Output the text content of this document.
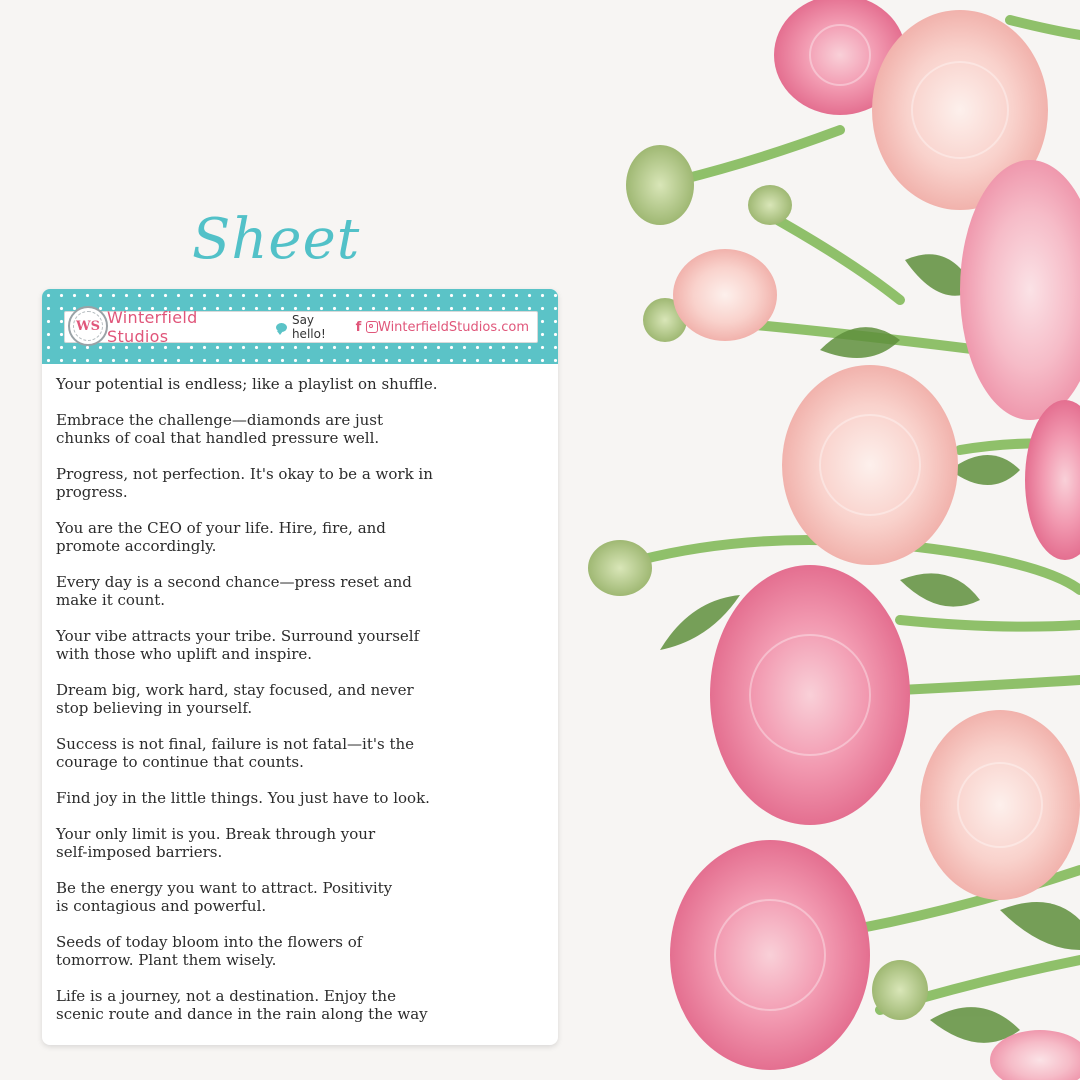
Sheet
WS Winterfield Studios
Say hello!	f WinterfieldStudios.com
Your potential is endless; like a playlist on shuffle.
Embrace the challenge—diamonds are just
chunks of coal that handled pressure well.
Progress, not perfection. It's okay to be a work in
progress.
You are the CEO of your life. Hire, fire, and
promote accordingly.
Every day is a second chance—press reset and
make it count.
Your vibe attracts your tribe. Surround yourself
with those who uplift and inspire.
Dream big, work hard, stay focused, and never
stop believing in yourself.
Success is not final, failure is not fatal—it's the
courage to continue that counts.
Find joy in the little things. You just have to look.
Your only limit is you. Break through your
self-imposed barriers.
Be the energy you want to attract. Positivity
is contagious and powerful.
Seeds of today bloom into the flowers of
tomorrow. Plant them wisely.
Life is a journey, not a destination. Enjoy the
scenic route and dance in the rain along the way
